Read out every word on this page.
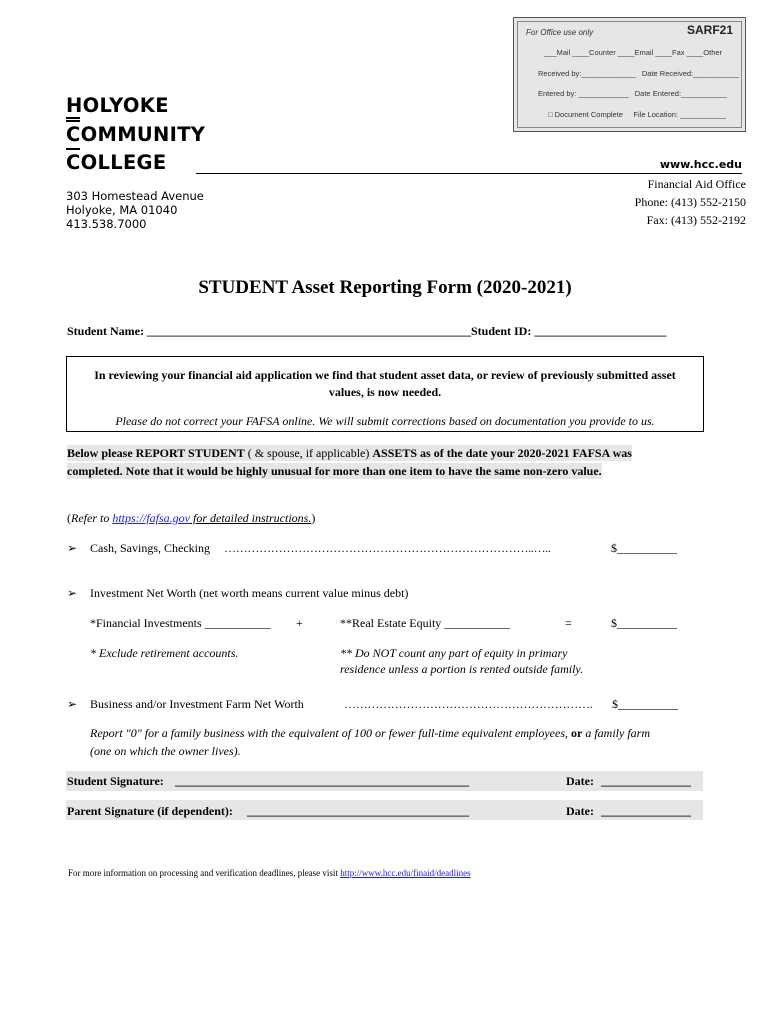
For Office use only	SARF21
___Mail ____Counter ____Email ____Fax ____Other
Received by:_____________ Date Received:___________
Entered by: ____________ Date Entered:___________
□ Document Complete File Location: ___________
HOLYOKE
COMMUNITY
COLLEGE
303 Homestead Avenue
Holyoke, MA 01040
413.538.7000
www.hcc.edu
Financial Aid Office
Phone: (413) 552-2150
Fax: (413) 552-2192
STUDENT Asset Reporting Form (2020-2021)
Student Name: ______________________________________________________Student ID: ______________________
In reviewing your financial aid application we find that student asset data, or review of previously submitted asset values, is now needed.
Please do not correct your FAFSA online. We will submit corrections based on documentation you provide to us.
Below please REPORT STUDENT ( & spouse, if applicable) ASSETS as of the date your 2020-2021 FAFSA was
completed. Note that it would be highly unusual for more than one item to have the same non-zero value.
(Refer to https://fafsa.gov for detailed instructions.)
➢ Cash, Savings, Checking ……………………………………………………………………..…..	$__________
➢ Investment Net Worth (net worth means current value minus debt)
*Financial Investments ___________ +	**Real Estate Equity ___________	=	$__________
* Exclude retirement accounts.	** Do NOT count any part of equity in primary
residence unless a portion is rented outside family.
➢ Business and/or Investment Farm Net Worth	………………………………………………………. $__________
Report "0" for a family business with the equivalent of 100 or fewer full-time equivalent employees, or a family farm
(one on which the owner lives).
Student Signature: _________________________________________________	Date: _______________
Parent Signature (if dependent): _____________________________________	Date: _______________
For more information on processing and verification deadlines, please visit http://www.hcc.edu/finaid/deadlines
